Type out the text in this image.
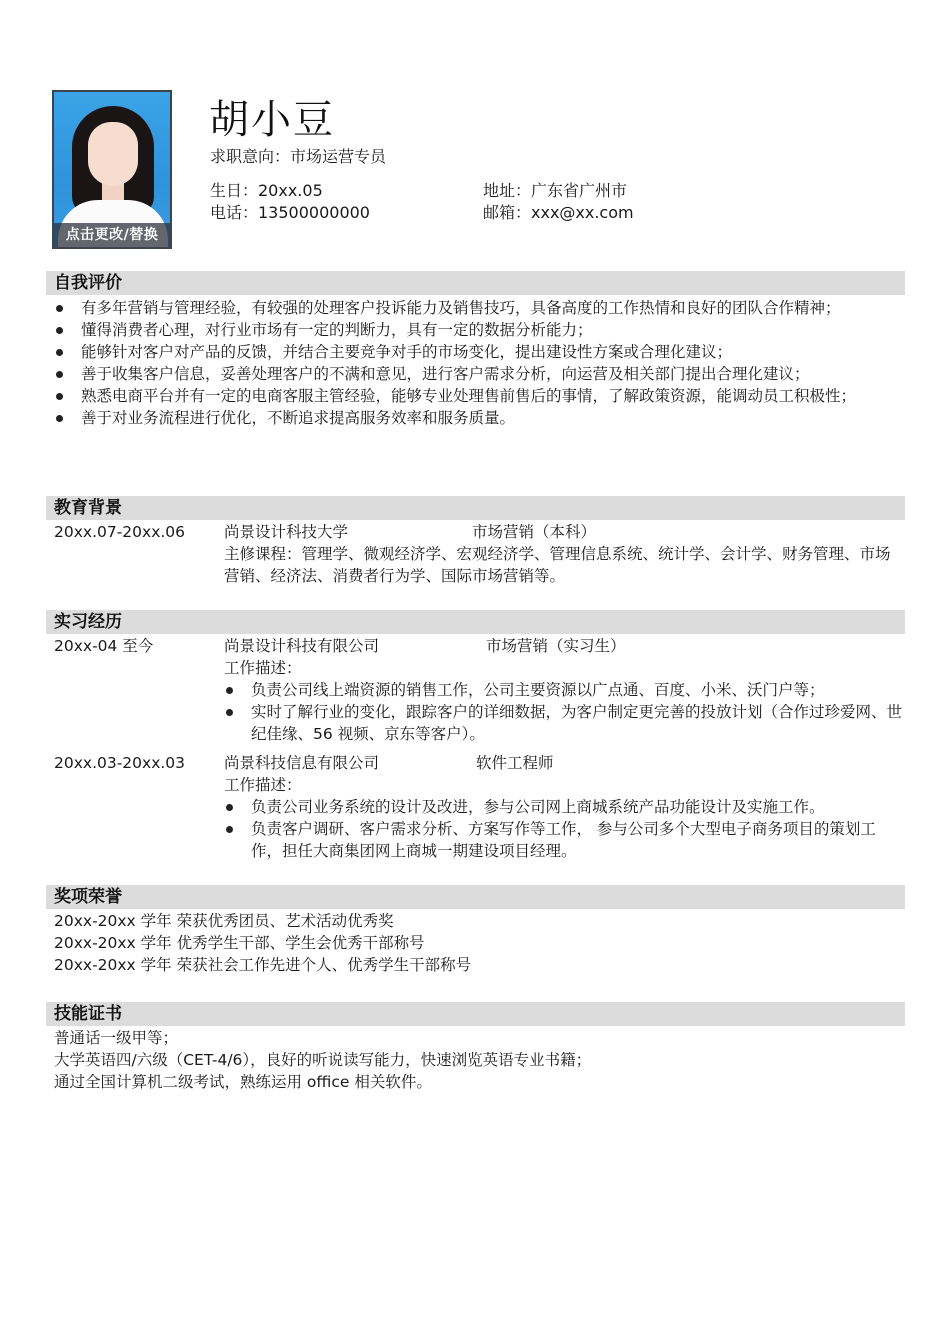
点击更改/替换
胡小豆
求职意向：市场运营专员
生日：20xx.05	地址：广东省广州市
电话：13500000000	邮箱：xxx@xx.com
自我评价
有多年营销与管理经验，有较强的处理客户投诉能力及销售技巧，具备高度的工作热情和良好的团队合作精神；
懂得消费者心理，对行业市场有一定的判断力，具有一定的数据分析能力；
能够针对客户对产品的反馈，并结合主要竞争对手的市场变化，提出建设性方案或合理化建议；
善于收集客户信息，妥善处理客户的不满和意见，进行客户需求分析，向运营及相关部门提出合理化建议；
熟悉电商平台并有一定的电商客服主管经验，能够专业处理售前售后的事情，了解政策资源，能调动员工积极性；
善于对业务流程进行优化，不断追求提高服务效率和服务质量。
教育背景
20xx.07-20xx.06	尚景设计科技大学	市场营销（本科）
主修课程：管理学、微观经济学、宏观经济学、管理信息系统、统计学、会计学、财务管理、市场营销、经济法、消费者行为学、国际市场营销等。
实习经历
20xx-04 至今	尚景设计科技有限公司	市场营销（实习生）
工作描述：
负责公司线上端资源的销售工作，公司主要资源以广点通、百度、小米、沃门户等；
实时了解行业的变化，跟踪客户的详细数据，为客户制定更完善的投放计划（合作过珍爱网、世纪佳缘、56 视频、京东等客户）。
20xx.03-20xx.03	尚景科技信息有限公司	软件工程师
工作描述：
负责公司业务系统的设计及改进，参与公司网上商城系统产品功能设计及实施工作。
负责客户调研、客户需求分析、方案写作等工作， 参与公司多个大型电子商务项目的策划工作，担任大商集团网上商城一期建设项目经理。
奖项荣誉
20xx-20xx 学年 荣获优秀团员、艺术活动优秀奖
20xx-20xx 学年 优秀学生干部、学生会优秀干部称号
20xx-20xx 学年 荣获社会工作先进个人、优秀学生干部称号
技能证书
普通话一级甲等；
大学英语四/六级（CET-4/6），良好的听说读写能力，快速浏览英语专业书籍；
通过全国计算机二级考试，熟练运用 office 相关软件。
